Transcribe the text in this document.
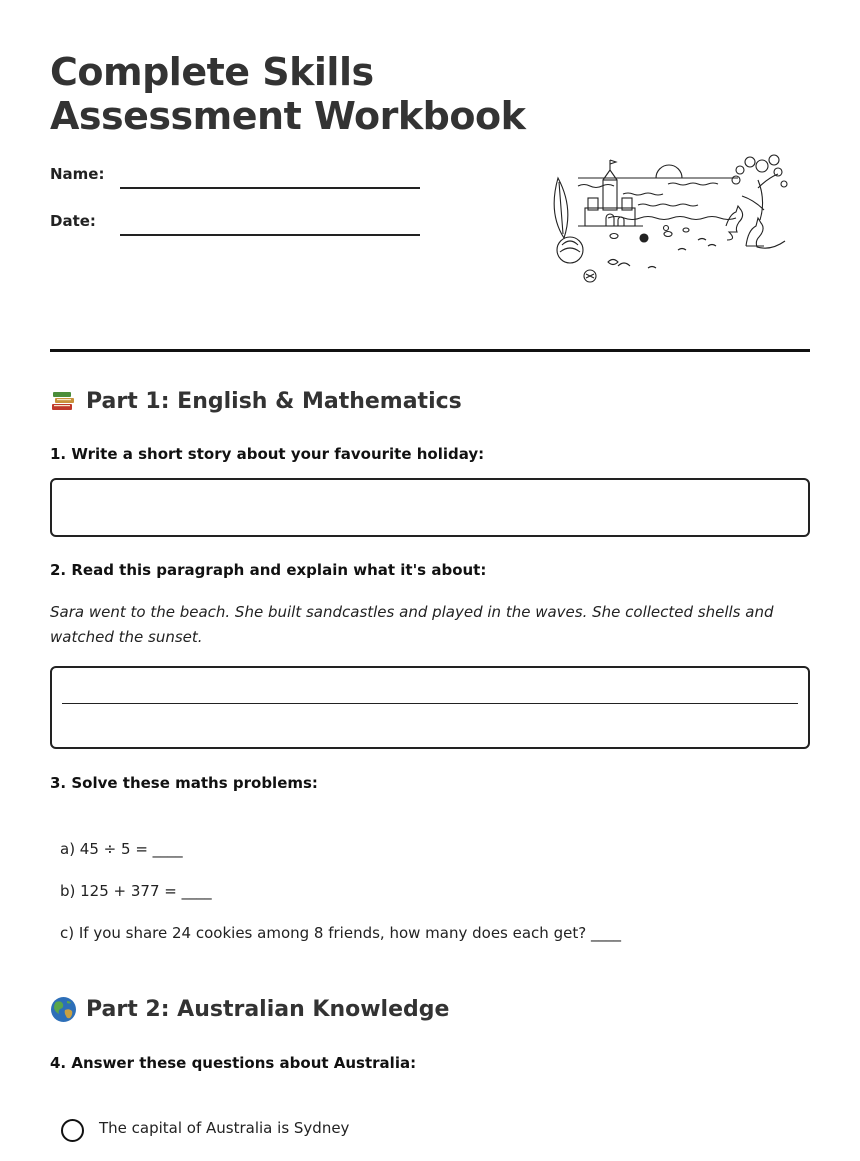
Complete Skills Assessment Workbook
Name:
Date:
Part 1: English & Mathematics
1. Write a short story about your favourite holiday:
2. Read this paragraph and explain what it's about:
Sara went to the beach. She built sandcastles and played in the waves. She collected shells and watched the sunset.
3. Solve these maths problems:
a) 45 ÷ 5 = ____
b) 125 + 377 = ____
c) If you share 24 cookies among 8 friends, how many does each get? ____
Part 2: Australian Knowledge
4. Answer these questions about Australia:
The capital of Australia is Sydney
